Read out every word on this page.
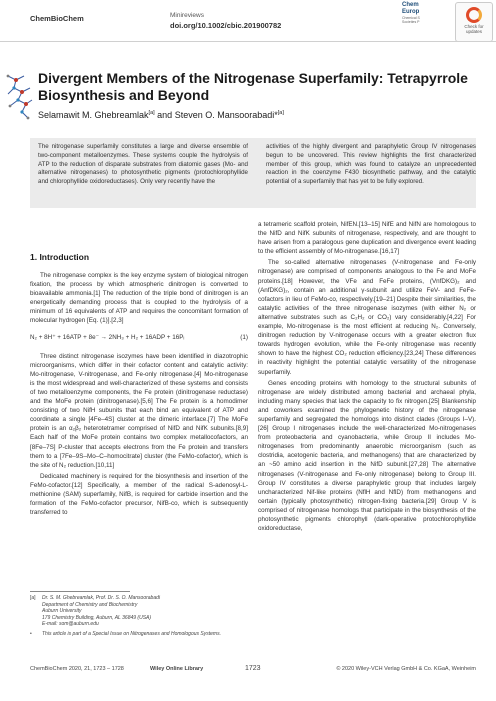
ChemBioChem	Minireviews
doi.org/10.1002/cbic.201900782
Chem
Europ
Chemical S
Societies P
Check for updates
Divergent Members of the Nitrogenase Superfamily: Tetrapyrrole Biosynthesis and Beyond
Selamawit M. Ghebreamlak[a] and Steven O. Mansoorabadi*[a]
The nitrogenase superfamily constitutes a large and diverse ensemble of two-component metalloenzymes. These systems couple the hydrolysis of ATP to the reduction of disparate substrates from diatomic gases (Mo- and alternative nitrogenases) to photosynthetic pigments (protochlorophyllide and chlorophyllide oxidoreductases). Only very recently have the
activities of the highly divergent and paraphyletic Group IV nitrogenases begun to be uncovered. This review highlights the first characterized member of this group, which was found to catalyze an unprecedented reaction in the coenzyme F430 biosynthetic pathway, and the catalytic potential of a superfamily that has yet to be fully explored.
1. Introduction
The nitrogenase complex is the key enzyme system of biological nitrogen fixation, the process by which atmospheric dinitrogen is converted to bioavailable ammonia.[1] The reduction of the triple bond of dinitrogen is an energetically demanding process that is coupled to the hydrolysis of a minimum of 16 equivalents of ATP and requires the concomitant formation of molecular hydrogen [Eq. (1)].[2,3]
N₂ + 8H⁺ + 16ATP + 8e⁻ → 2NH₃ + H₂ + 16ADP + 16Pᵢ	(1)
Three distinct nitrogenase isozymes have been identified in diazotrophic microorganisms, which differ in their cofactor content and catalytic activity: Mo-nitrogenase, V-nitrogenase, and Fe-only nitrogenase.[4] Mo-nitrogenase is the most widespread and well-characterized of these systems and consists of two metalloenzyme components, the Fe protein (dinitrogenase reductase) and the MoFe protein (dinitrogenase).[5,6] The Fe protein is a homodimer consisting of two NifH subunits that each bind an equivalent of ATP and coordinate a single [4Fe–4S] cluster at the dimeric interface.[7] The MoFe protein is an α₂β₂ heterotetramer comprised of NifD and NifK subunits.[8,9] Each half of the MoFe protein contains two complex metallocofactors, an [8Fe–7S] P-cluster that accepts electrons from the Fe protein and transfers them to a [7Fe–9S–Mo–C–homocitrate] cluster (the FeMo-cofactor), which is the site of N₂ reduction.[10,11]
Dedicated machinery is required for the biosynthesis and insertion of the FeMo-cofactor.[12] Specifically, a member of the radical S-adenosyl-L-methionine (SAM) superfamily, NifB, is required for carbide insertion and the formation of the FeMo-cofactor precursor, NifB-co, which is subsequently transferred to
a tetrameric scaffold protein, NifEN.[13–15] NifE and NifN are homologous to the NifD and NifK subunits of nitrogenase, respectively, and are thought to have arisen from a paralogous gene duplication and divergence event leading to the efficient assembly of Mo-nitrogenase.[16,17]
The so-called alternative nitrogenases (V-nitrogenase and Fe-only nitrogenase) are comprised of components analogous to the Fe and MoFe proteins.[18] However, the VFe and FeFe proteins, (VnfDKG)₂ and (AnfDKG)₂, contain an additional γ-subunit and utilize FeV- and FeFe-cofactors in lieu of FeMo-co, respectively.[19–21] Despite their similarities, the catalytic activities of the three nitrogenase isozymes (with either N₂ or alternative substrates such as C₂H₂ or CO₂) vary considerably.[4,22] For example, Mo-nitrogenase is the most efficient at reducing N₂. Conversely, dinitrogen reduction by V-nitrogenase occurs with a greater electron flux towards hydrogen evolution, while the Fe-only nitrogenase was recently shown to have the highest CO₂ reduction efficiency.[23,24] These differences in reactivity highlight the potential catalytic versatility of the nitrogenase superfamily.
Genes encoding proteins with homology to the structural subunits of nitrogenase are widely distributed among bacterial and archaeal phyla, including many species that lack the capacity to fix nitrogen.[25] Blankenship and coworkers examined the phylogenetic history of the nitrogenase superfamily and segregated the homologs into distinct clades (Groups I–V).[26] Group I nitrogenases include the well-characterized Mo-nitrogenases from proteobacteria and cyanobacteria, while Group II includes Mo-nitrogenases from predominantly anaerobic microorganism (such as clostridia, acetogenic bacteria, and methanogens) that are characterized by an ~50 amino acid insertion in the NifD subunit.[27,28] The alternative nitrogenases (V-nitrogenase and Fe-only nitrogenase) belong to Group III. Group IV constitutes a diverse paraphyletic group that includes largely uncharacterized Nif-like proteins (NflH and NflD) from methanogens and certain (typically photosynthetic) nitrogen-fixing bacteria.[29] Group V is comprised of nitrogenase homologs that participate in the biosynthesis of the photosynthetic pigments chlorophyll (dark-operative protochlorophyllide oxidoreductase,
[a] Dr. S. M. Ghebreamlak, Prof. Dr. S. O. Mansoorabadi
Department of Chemistry and Biochemistry
Auburn University
179 Chemistry Building, Auburn, AL 36849 (USA)
E-mail: som@auburn.edu
• This article is part of a Special Issue on Nitrogenases and Homologous Systems.
ChemBioChem 2020, 21, 1723 – 1728	Wiley Online Library	1723	© 2020 Wiley-VCH Verlag GmbH & Co. KGaA, Weinheim
